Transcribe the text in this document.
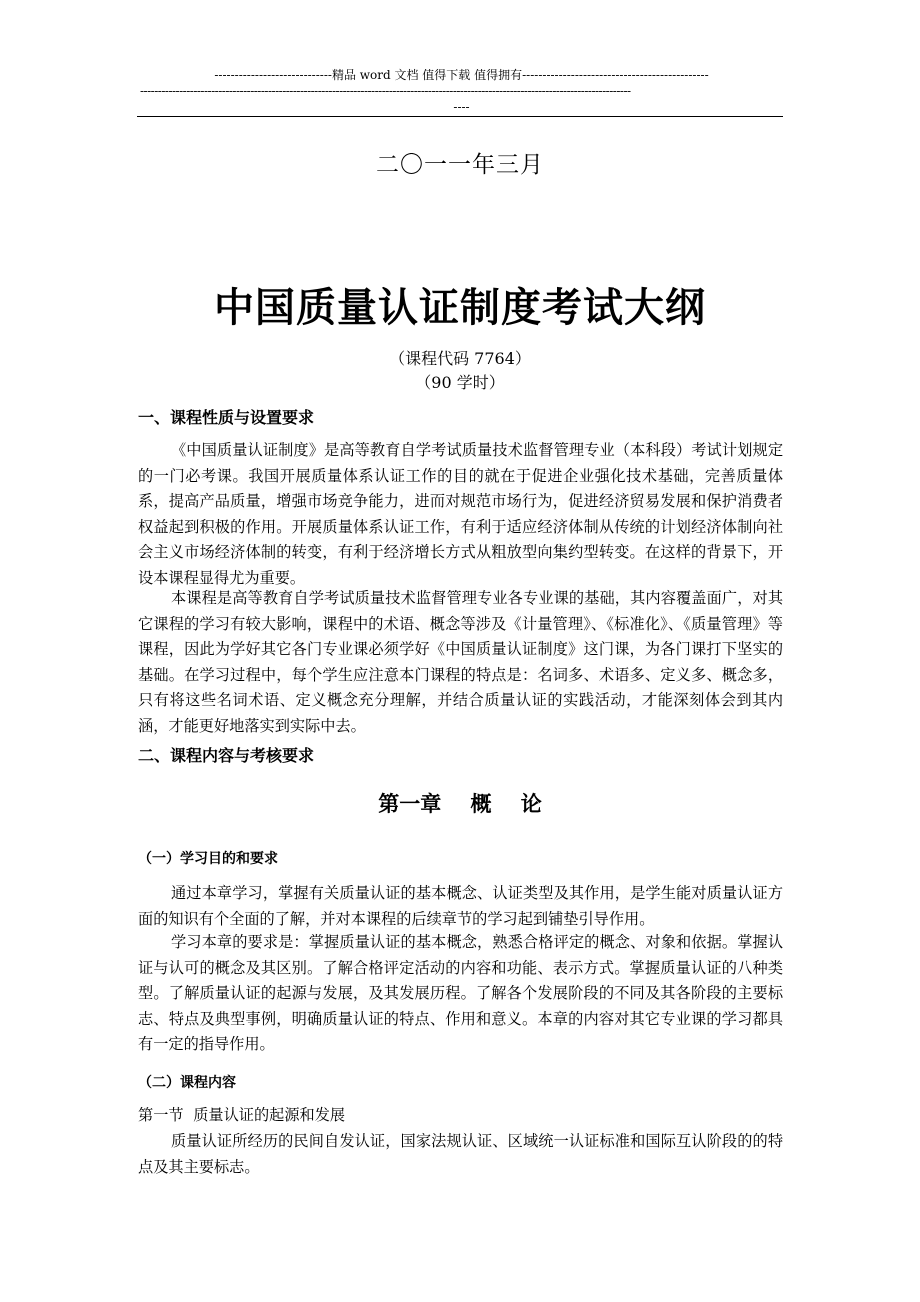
-----------------------------精品 word 文档 值得下载 值得拥有----------------------------------------------
------------------------------------------------------------------------------------------------------------------------------------------
----
二〇一一年三月
中国质量认证制度考试大纲
（课程代码 7764）
（90 学时）
一、课程性质与设置要求

《中国质量认证制度》是高等教育自学考试质量技术监督管理专业（本科段）考试计划规定的一门必考课。我国开展质量体系认证工作的目的就在于促进企业强化技术基础，完善质量体系，提高产品质量，增强市场竞争能力，进而对规范市场行为，促进经济贸易发展和保护消费者权益起到积极的作用。开展质量体系认证工作，有利于适应经济体制从传统的计划经济体制向社会主义市场经济体制的转变，有利于经济增长方式从粗放型向集约型转变。在这样的背景下，开设本课程显得尤为重要。

本课程是高等教育自学考试质量技术监督管理专业各专业课的基础，其内容覆盖面广，对其它课程的学习有较大影响，课程中的术语、概念等涉及《计量管理》、《标准化》、《质量管理》等课程，因此为学好其它各门专业课必须学好《中国质量认证制度》这门课，为各门课打下坚实的基础。在学习过程中，每个学生应注意本门课程的特点是：名词多、术语多、定义多、概念多，只有将这些名词术语、定义概念充分理解，并结合质量认证的实践活动，才能深刻体会到其内涵，才能更好地落实到实际中去。

二、课程内容与考核要求
第一章    概    论
（一）学习目的和要求

通过本章学习，掌握有关质量认证的基本概念、认证类型及其作用，是学生能对质量认证方面的知识有个全面的了解，并对本课程的后续章节的学习起到铺垫引导作用。

学习本章的要求是：掌握质量认证的基本概念，熟悉合格评定的概念、对象和依据。掌握认证与认可的概念及其区别。了解合格评定活动的内容和功能、表示方式。掌握质量认证的八种类型。了解质量认证的起源与发展，及其发展历程。了解各个发展阶段的不同及其各阶段的主要标志、特点及典型事例，明确质量认证的特点、作用和意义。本章的内容对其它专业课的学习都具有一定的指导作用。

（二）课程内容
第一节  质量认证的起源和发展

质量认证所经历的民间自发认证，国家法规认证、区域统一认证标准和国际互认阶段的的特点及其主要标志。
